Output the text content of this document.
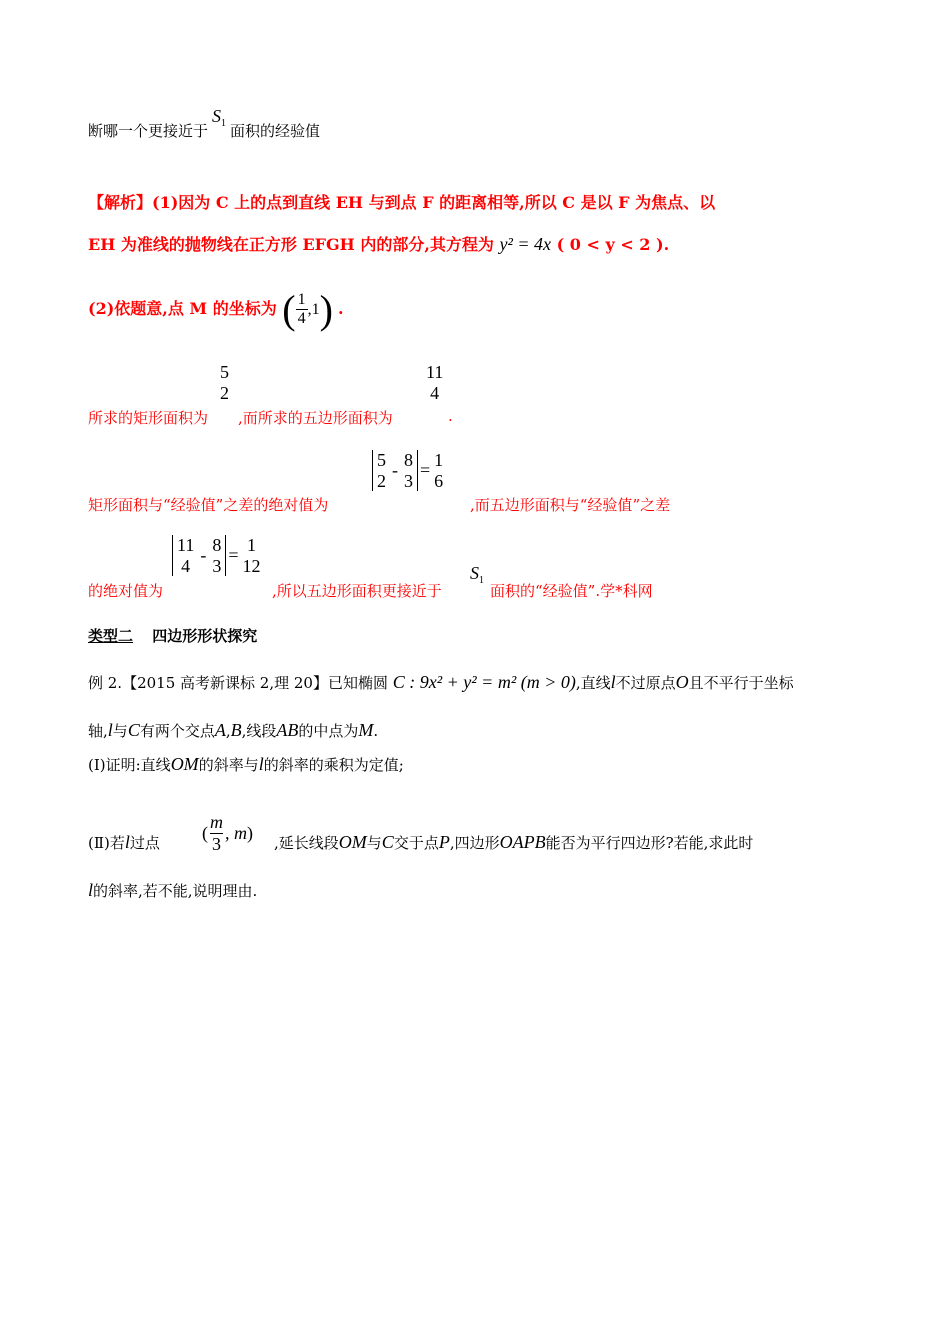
断哪一个更接近于$S_1$ 面积的经验值
【解析】(1)因为 C 上的点到直线 EH 与到点 F 的距离相等,所以 C 是以 F 为焦点、以
EH 为准线的抛物线在正方形 EFGH 内的部分,其方程为 y² = 4x ( 0 < y < 2 ).
(2)依题意,点 M 的坐标为 ( $\frac{1}{4} ,1$) .
所求的矩形面积为
5
2
,而所求的五边形面积为
11
4
.
矩形面积与“经验值”之差的绝对值为
5
2
-
8
3
=
1
6
,而五边形面积与“经验值”之差
的绝对值为
11
4
-
8
3
=
1
12
,所以五边形面积更接近于
$S_1$
面积的“经验值”.学*科网
类型二 四边形形状探究
例 2.【2015 高考新课标 2,理 20】已知椭圆 C : 9x² + y² = m² (m > 0),直线l不过原点O且不平行于坐标
轴,l与C有两个交点A,B,线段AB的中点为M.
(Ⅰ)证明:直线OM的斜率与l的斜率的乘积为定值;
(Ⅱ)若l过点
( $\frac{m}{3}$ , m )
,延长线段OM与C交于点P,四边形OAPB能否为平行四边形?若能,求此时
l的斜率,若不能,说明理由.
